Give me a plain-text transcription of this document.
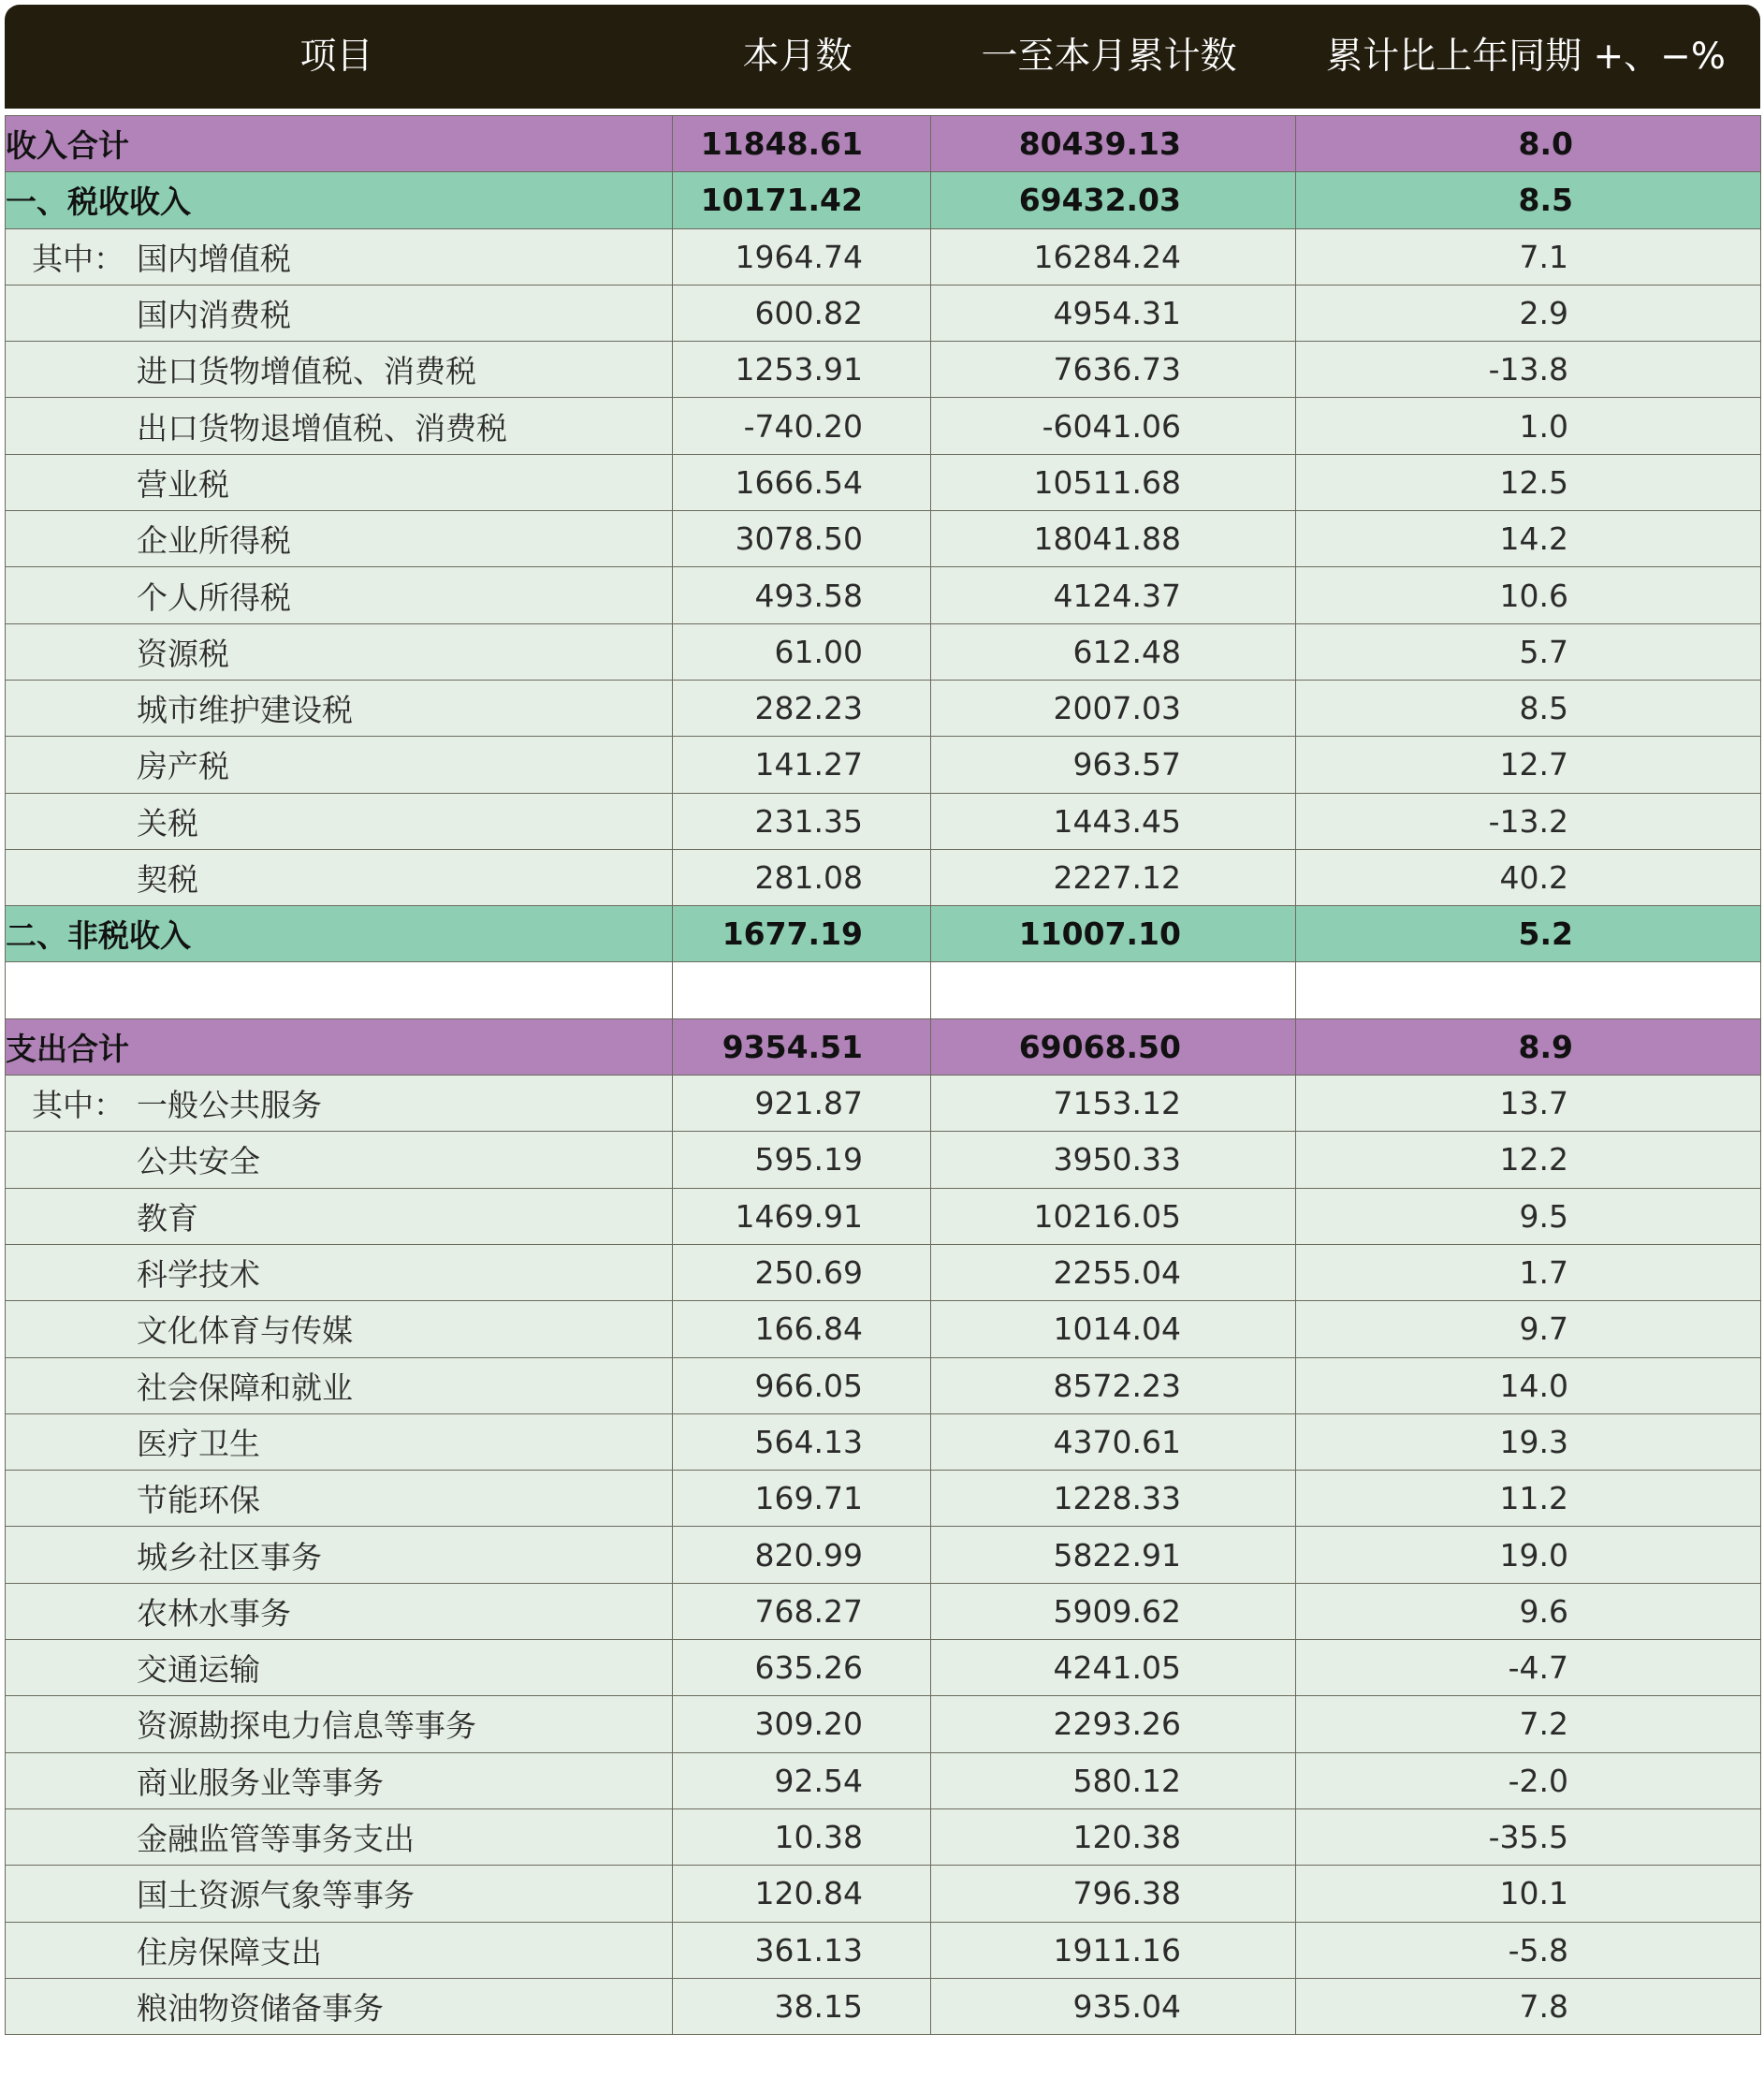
项目	本月数	一至本月累计数	累计比上年同期 +、−%
收入合计	11848.61	80439.13	8.0
一、税收收入	10171.42	69432.03	8.5
其中： 国内增值税	1964.74	16284.24	7.1
国内消费税	600.82	4954.31	2.9
进口货物增值税、消费税	1253.91	7636.73	-13.8
出口货物退增值税、消费税	-740.20	-6041.06	1.0
营业税	1666.54	10511.68	12.5
企业所得税	3078.50	18041.88	14.2
个人所得税	493.58	4124.37	10.6
资源税	61.00	612.48	5.7
城市维护建设税	282.23	2007.03	8.5
房产税	141.27	963.57	12.7
关税	231.35	1443.45	-13.2
契税	281.08	2227.12	40.2
二、非税收入	1677.19	11007.10	5.2

支出合计	9354.51	69068.50	8.9
其中： 一般公共服务	921.87	7153.12	13.7
公共安全	595.19	3950.33	12.2
教育	1469.91	10216.05	9.5
科学技术	250.69	2255.04	1.7
文化体育与传媒	166.84	1014.04	9.7
社会保障和就业	966.05	8572.23	14.0
医疗卫生	564.13	4370.61	19.3
节能环保	169.71	1228.33	11.2
城乡社区事务	820.99	5822.91	19.0
农林水事务	768.27	5909.62	9.6
交通运输	635.26	4241.05	-4.7
资源勘探电力信息等事务	309.20	2293.26	7.2
商业服务业等事务	92.54	580.12	-2.0
金融监管等事务支出	10.38	120.38	-35.5
国土资源气象等事务	120.84	796.38	10.1
住房保障支出	361.13	1911.16	-5.8
粮油物资储备事务	38.15	935.04	7.8
